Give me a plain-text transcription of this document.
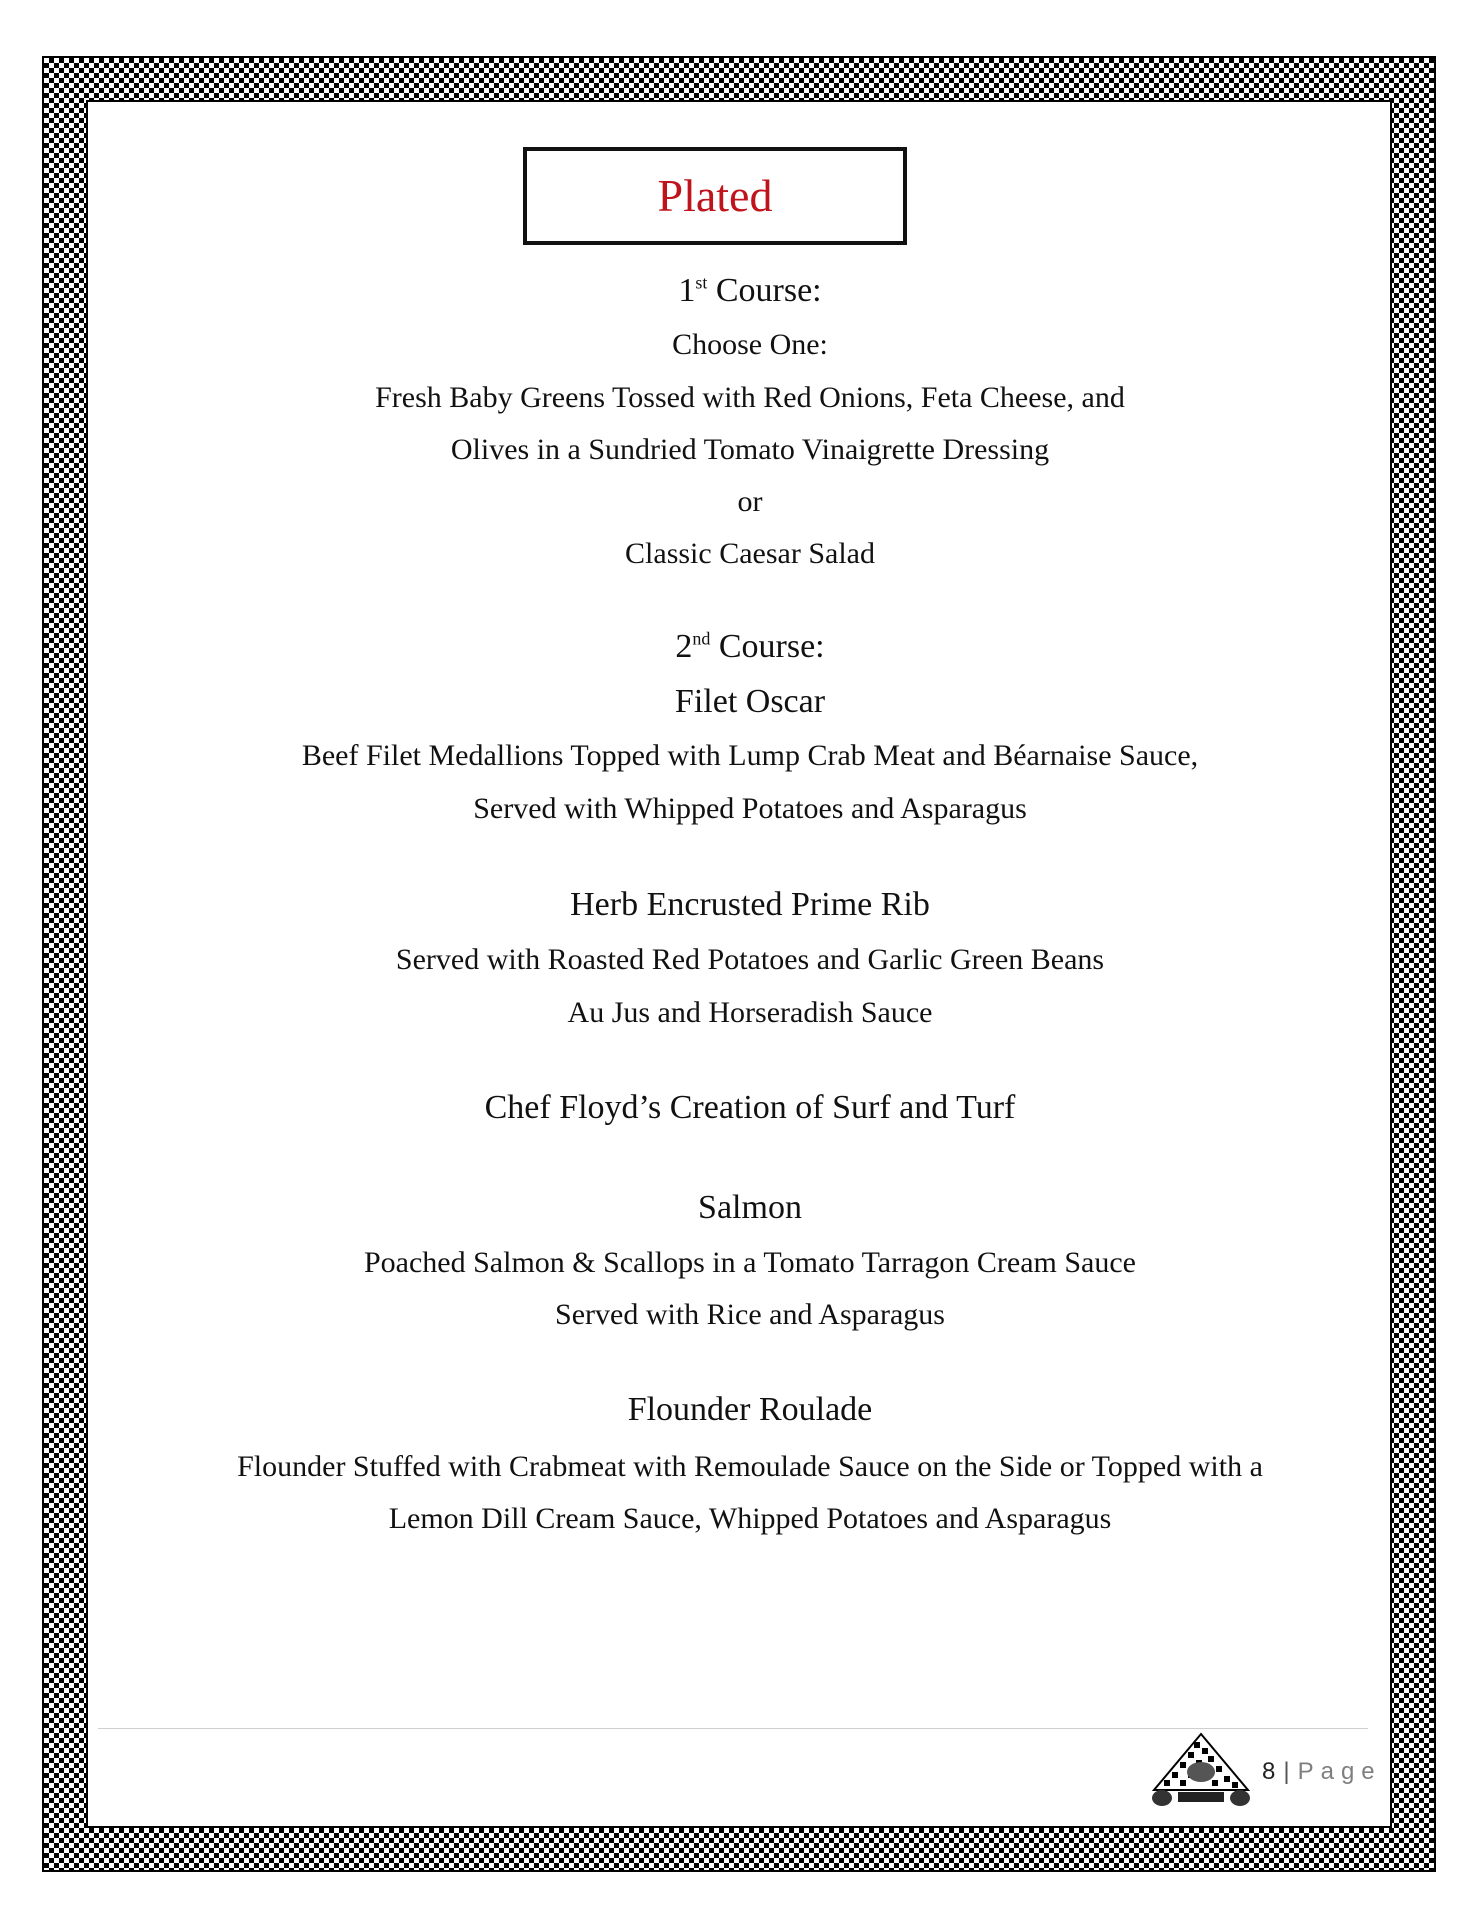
Plated
1st Course:
Choose One:
Fresh Baby Greens Tossed with Red Onions, Feta Cheese, and
Olives in a Sundried Tomato Vinaigrette Dressing
or
Classic Caesar Salad
2nd Course:
Filet Oscar
Beef Filet Medallions Topped with Lump Crab Meat and Béarnaise Sauce,
Served with Whipped Potatoes and Asparagus
Herb Encrusted Prime Rib
Served with Roasted Red Potatoes and Garlic Green Beans
Au Jus and Horseradish Sauce
Chef Floyd’s Creation of Surf and Turf
Salmon
Poached Salmon & Scallops in a Tomato Tarragon Cream Sauce
Served with Rice and Asparagus
Flounder Roulade
Flounder Stuffed with Crabmeat with Remoulade Sauce on the Side or Topped with a
Lemon Dill Cream Sauce, Whipped Potatoes and Asparagus
8 | Page
